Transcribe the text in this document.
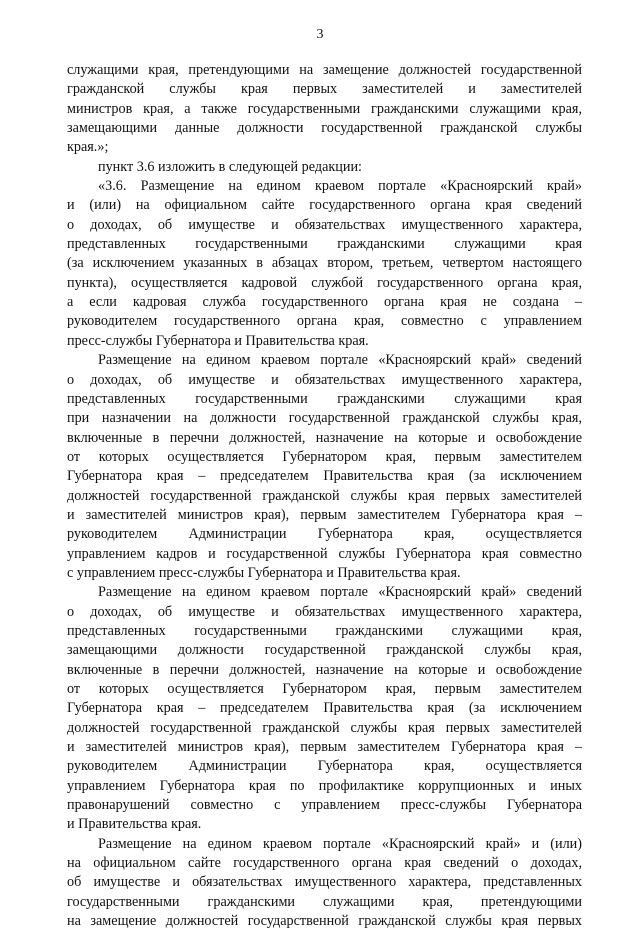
3
служащими края, претендующими на замещение должностей государственной
гражданской службы края первых заместителей и заместителей
министров края, а также государственными гражданскими служащими края,
замещающими данные должности государственной гражданской службы
края.»;
пункт 3.6 изложить в следующей редакции:
«3.6. Размещение на едином краевом портале «Красноярский край»
и (или) на официальном сайте государственного органа края сведений
о доходах, об имуществе и обязательствах имущественного характера,
представленных государственными гражданскими служащими края
(за исключением указанных в абзацах втором, третьем, четвертом настоящего
пункта), осуществляется кадровой службой государственного органа края,
а если кадровая служба государственного органа края не создана –
руководителем государственного органа края, совместно с управлением
пресс-службы Губернатора и Правительства края.
Размещение на едином краевом портале «Красноярский край» сведений
о доходах, об имуществе и обязательствах имущественного характера,
представленных государственными гражданскими служащими края
при назначении на должности государственной гражданской службы края,
включенные в перечни должностей, назначение на которые и освобождение
от которых осуществляется Губернатором края, первым заместителем
Губернатора края – председателем Правительства края (за исключением
должностей государственной гражданской службы края первых заместителей
и заместителей министров края), первым заместителем Губернатора края –
руководителем Администрации Губернатора края, осуществляется
управлением кадров и государственной службы Губернатора края совместно
с управлением пресс-службы Губернатора и Правительства края.
Размещение на едином краевом портале «Красноярский край» сведений
о доходах, об имуществе и обязательствах имущественного характера,
представленных государственными гражданскими служащими края,
замещающими должности государственной гражданской службы края,
включенные в перечни должностей, назначение на которые и освобождение
от которых осуществляется Губернатором края, первым заместителем
Губернатора края – председателем Правительства края (за исключением
должностей государственной гражданской службы края первых заместителей
и заместителей министров края), первым заместителем Губернатора края –
руководителем Администрации Губернатора края, осуществляется
управлением Губернатора края по профилактике коррупционных и иных
правонарушений совместно с управлением пресс-службы Губернатора
и Правительства края.
Размещение на едином краевом портале «Красноярский край» и (или)
на официальном сайте государственного органа края сведений о доходах,
об имуществе и обязательствах имущественного характера, представленных
государственными гражданскими служащими края, претендующими
на замещение должностей государственной гражданской службы края первых
